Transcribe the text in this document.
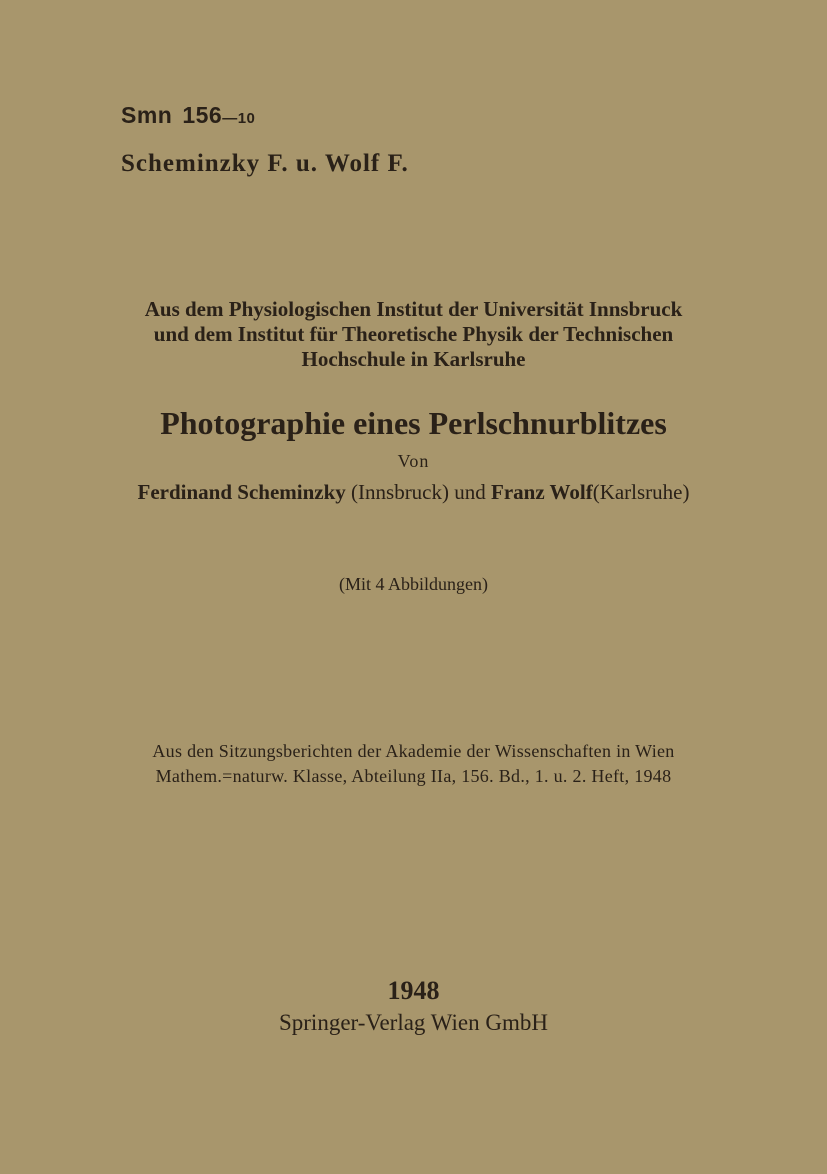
Smn 156—10
Scheminzky F. u. Wolf F.
Aus dem Physiologischen Institut der Universität Innsbruck
und dem Institut für Theoretische Physik der Technischen
Hochschule in Karlsruhe
Photographie eines Perlschnurblitzes
Von
Ferdinand Scheminzky (Innsbruck) und Franz Wolf(Karlsruhe)
(Mit 4 Abbildungen)
Aus den Sitzungsberichten der Akademie der Wissenschaften in Wien
Mathem.=naturw. Klasse, Abteilung IIa, 156. Bd., 1. u. 2. Heft, 1948
1948
Springer-Verlag Wien GmbH
